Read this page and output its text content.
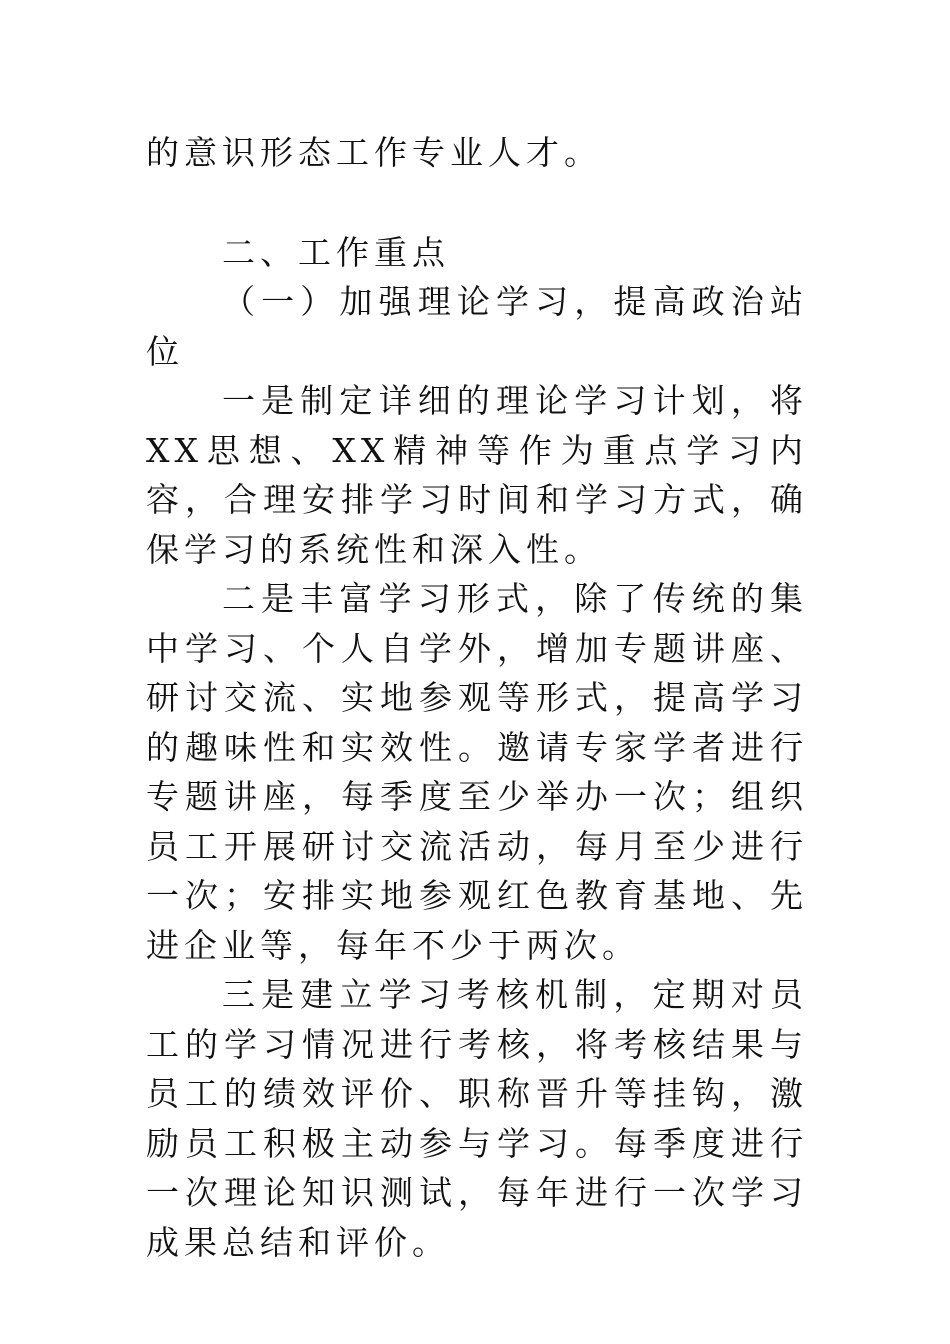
的意识形态工作专业人才。

二、工作重点

（一）加强理论学习，提高政治站位

一是制定详细的理论学习计划，将XX思想、XX精神等作为重点学习内容，合理安排学习时间和学习方式，确保学习的系统性和深入性。

二是丰富学习形式，除了传统的集中学习、个人自学外，增加专题讲座、研讨交流、实地参观等形式，提高学习的趣味性和实效性。邀请专家学者进行专题讲座，每季度至少举办一次；组织员工开展研讨交流活动，每月至少进行一次；安排实地参观红色教育基地、先进企业等，每年不少于两次。

三是建立学习考核机制，定期对员工的学习情况进行考核，将考核结果与员工的绩效评价、职称晋升等挂钩，激励员工积极主动参与学习。每季度进行一次理论知识测试，每年进行一次学习成果总结和评价。
